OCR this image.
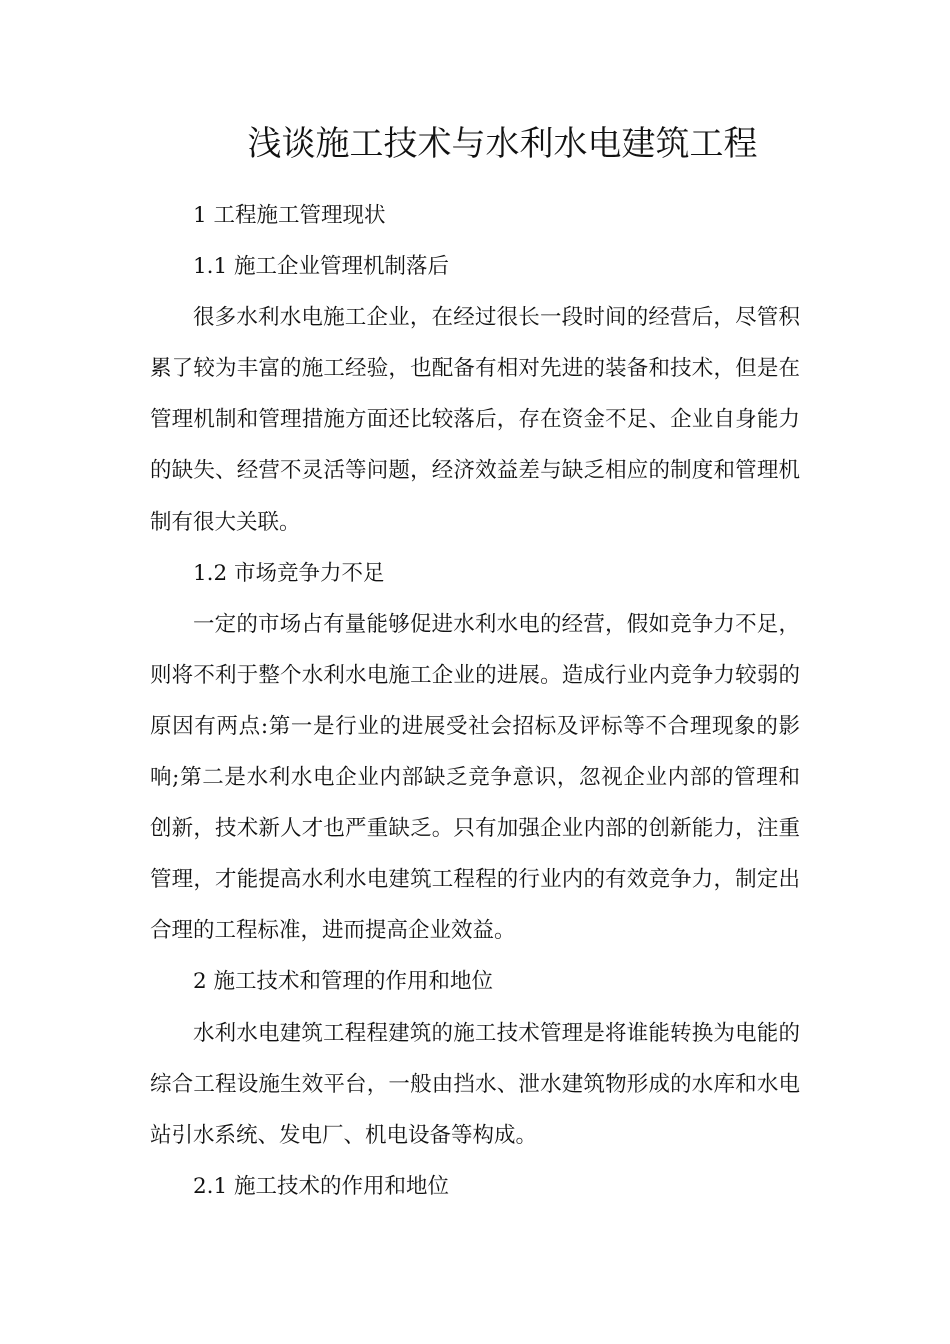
浅谈施工技术与水利水电建筑工程

1 工程施工管理现状

1.1 施工企业管理机制落后

很多水利水电施工企业，在经过很长一段时间的经营后，尽管积累了较为丰富的施工经验，也配备有相对先进的装备和技术，但是在管理机制和管理措施方面还比较落后，存在资金不足、企业自身能力的缺失、经营不灵活等问题，经济效益差与缺乏相应的制度和管理机制有很大关联。

1.2 市场竞争力不足

一定的市场占有量能够促进水利水电的经营，假如竞争力不足，则将不利于整个水利水电施工企业的进展。造成行业内竞争力较弱的原因有两点:第一是行业的进展受社会招标及评标等不合理现象的影响;第二是水利水电企业内部缺乏竞争意识，忽视企业内部的管理和创新，技术新人才也严重缺乏。只有加强企业内部的创新能力，注重管理，才能提高水利水电建筑工程程的行业内的有效竞争力，制定出合理的工程标准，进而提高企业效益。

2 施工技术和管理的作用和地位

水利水电建筑工程程建筑的施工技术管理是将谁能转换为电能的综合工程设施生效平台，一般由挡水、泄水建筑物形成的水库和水电站引水系统、发电厂、机电设备等构成。

2.1 施工技术的作用和地位
